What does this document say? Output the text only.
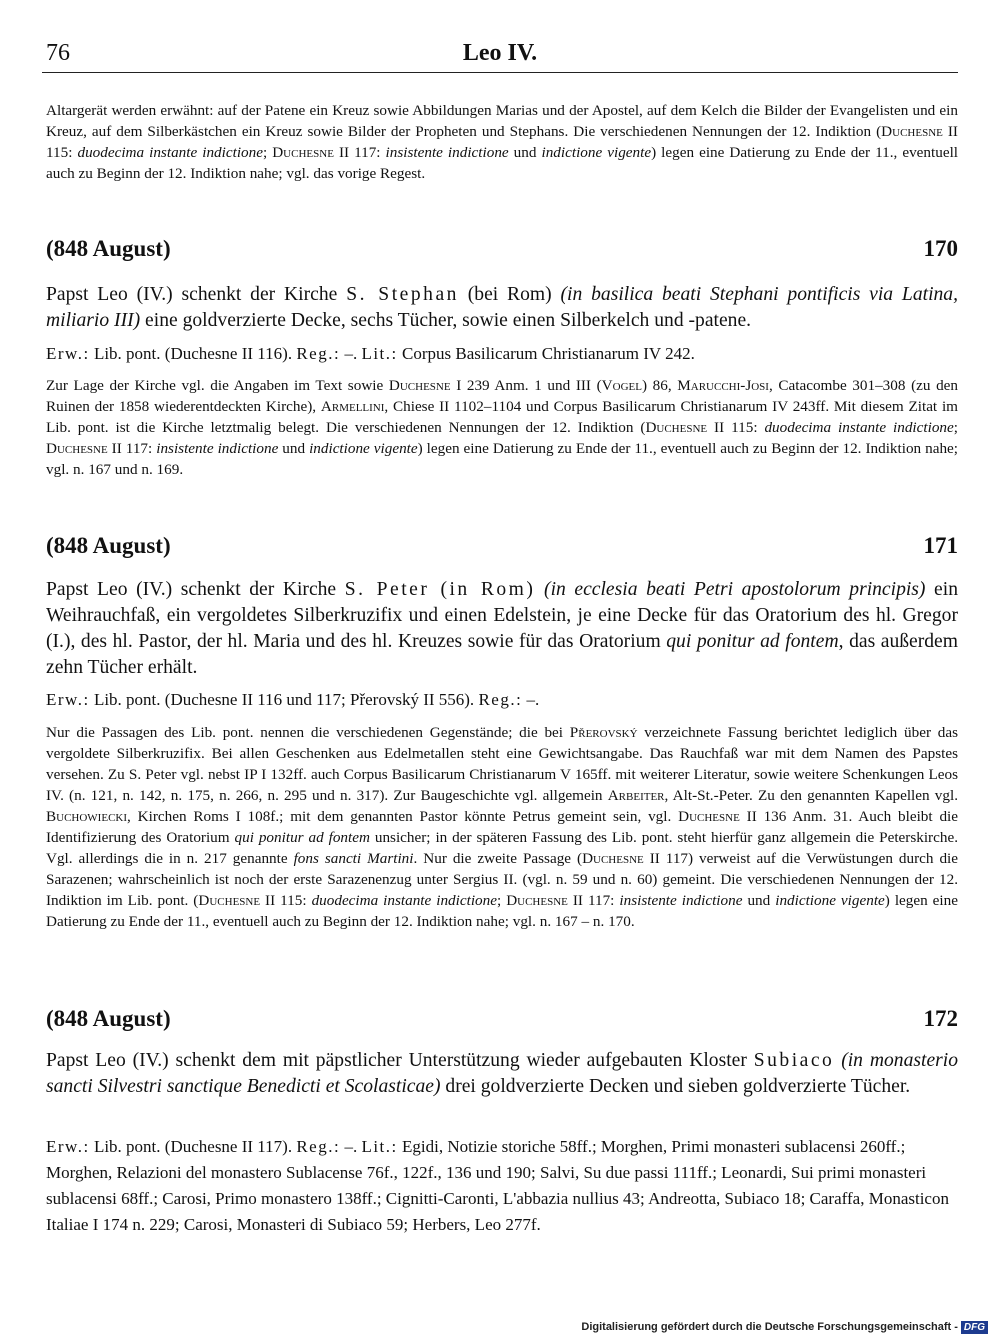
76	Leo IV.
Altargerät werden erwähnt: auf der Patene ein Kreuz sowie Abbildungen Marias und der Apostel, auf dem Kelch die Bilder der Evangelisten und ein Kreuz, auf dem Silberkästchen ein Kreuz sowie Bilder der Propheten und Stephans. Die verschiedenen Nennungen der 12. Indiktion (Duchesne II 115: duodecima instante indictione; Duchesne II 117: insistente indictione und indictione vigente) legen eine Datierung zu Ende der 11., eventuell auch zu Beginn der 12. Indiktion nahe; vgl. das vorige Regest.
(848 August)	170
Papst Leo (IV.) schenkt der Kirche S. Stephan (bei Rom) (in basilica beati Stephani pontificis via Latina, miliario III) eine goldverzierte Decke, sechs Tücher, sowie einen Silberkelch und -patene.
Erw.: Lib. pont. (Duchesne II 116). Reg.: –. Lit.: Corpus Basilicarum Christianarum IV 242.
Zur Lage der Kirche vgl. die Angaben im Text sowie Duchesne I 239 Anm. 1 und III (Vogel) 86, Marucchi-Josi, Catacombe 301–308 (zu den Ruinen der 1858 wiederentdeckten Kirche), Armellini, Chiese II 1102–1104 und Corpus Basilicarum Christianarum IV 243ff. Mit diesem Zitat im Lib. pont. ist die Kirche letztmalig belegt. Die verschiedenen Nennungen der 12. Indiktion (Duchesne II 115: duodecima instante indictione; Duchesne II 117: insistente indictione und indictione vigente) legen eine Datierung zu Ende der 11., eventuell auch zu Beginn der 12. Indiktion nahe; vgl. n. 167 und n. 169.
(848 August)	171
Papst Leo (IV.) schenkt der Kirche S. Peter (in Rom) (in ecclesia beati Petri apostolorum principis) ein Weihrauchfaß, ein vergoldetes Silberkruzifix und einen Edelstein, je eine Decke für das Oratorium des hl. Gregor (I.), des hl. Pastor, der hl. Maria und des hl. Kreuzes sowie für das Oratorium qui ponitur ad fontem, das außerdem zehn Tücher erhält.
Erw.: Lib. pont. (Duchesne II 116 und 117; Přerovský II 556). Reg.: –.
Nur die Passagen des Lib. pont. nennen die verschiedenen Gegenstände; die bei Přerovský verzeichnete Fassung berichtet lediglich über das vergoldete Silberkruzifix. Bei allen Geschenken aus Edelmetallen steht eine Gewichtsangabe. Das Rauchfaß war mit dem Namen des Papstes versehen. Zu S. Peter vgl. nebst IP I 132ff. auch Corpus Basilicarum Christianarum V 165ff. mit weiterer Literatur, sowie weitere Schenkungen Leos IV. (n. 121, n. 142, n. 175, n. 266, n. 295 und n. 317). Zur Baugeschichte vgl. allgemein Arbeiter, Alt-St.-Peter. Zu den genannten Kapellen vgl. Buchowiecki, Kirchen Roms I 108f.; mit dem genannten Pastor könnte Petrus gemeint sein, vgl. Duchesne II 136 Anm. 31. Auch bleibt die Identifizierung des Oratorium qui ponitur ad fontem unsicher; in der späteren Fassung des Lib. pont. steht hierfür ganz allgemein die Peterskirche. Vgl. allerdings die in n. 217 genannte fons sancti Martini. Nur die zweite Passage (Duchesne II 117) verweist auf die Verwüstungen durch die Sarazenen; wahrscheinlich ist noch der erste Sarazenenzug unter Sergius II. (vgl. n. 59 und n. 60) gemeint. Die verschiedenen Nennungen der 12. Indiktion im Lib. pont. (Duchesne II 115: duodecima instante indictione; Duchesne II 117: insistente indictione und indictione vigente) legen eine Datierung zu Ende der 11., eventuell auch zu Beginn der 12. Indiktion nahe; vgl. n. 167 – n. 170.
(848 August)	172
Papst Leo (IV.) schenkt dem mit päpstlicher Unterstützung wieder aufgebauten Kloster Subiaco (in monasterio sancti Silvestri sanctique Benedicti et Scolasticae) drei goldverzierte Decken und sieben goldverzierte Tücher.
Erw.: Lib. pont. (Duchesne II 117). Reg.: –. Lit.: Egidi, Notizie storiche 58ff.; Morghen, Primi monasteri sublacensi 260ff.; Morghen, Relazioni del monastero Sublacense 76f., 122f., 136 und 190; Salvi, Su due passi 111ff.; Leonardi, Sui primi monasteri sublacensi 68ff.; Carosi, Primo monastero 138ff.; Cignitti-Caronti, L'abbazia nullius 43; Andreotta, Subiaco 18; Caraffa, Monasticon Italiae I 174 n. 229; Carosi, Monasteri di Subiaco 59; Herbers, Leo 277f.
Digitalisierung gefördert durch die Deutsche Forschungsgemeinschaft - DFG
